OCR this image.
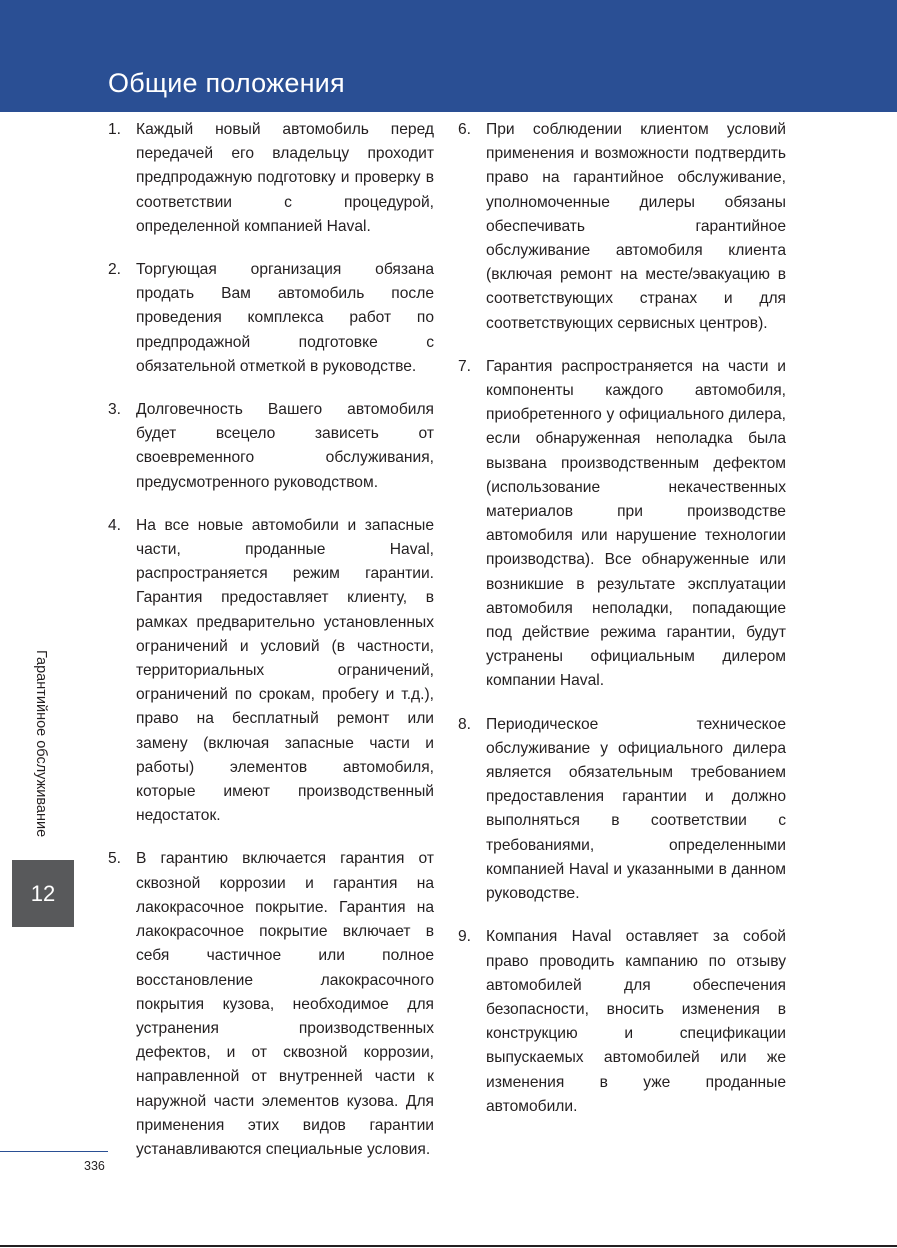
Общие положения
Гарантийное обслуживание
12
1. Каждый новый автомобиль перед передачей его владельцу проходит предпродажную подготовку и проверку в соответствии с процедурой, определенной компанией Haval.
2. Торгующая организация обязана продать Вам автомобиль после проведения комплекса работ по предпродажной подготовке с обязательной отметкой в руководстве.
3. Долговечность Вашего автомобиля будет всецело зависеть от своевременного обслуживания, предусмотренного руководством.
4. На все новые автомобили и запасные части, проданные Haval, распространяется режим гарантии. Гарантия предоставляет клиенту, в рамках предварительно установленных ограничений и условий (в частности, территориальных ограничений, ограничений по срокам, пробегу и т.д.), право на бесплатный ремонт или замену (включая запасные части и работы) элементов автомобиля, которые имеют производственный недостаток.
5. В гарантию включается гарантия от сквозной коррозии и гарантия на лакокрасочное покрытие. Гарантия на лакокрасочное покрытие включает в себя частичное или полное восстановление лакокрасочного покрытия кузова, необходимое для устранения производственных дефектов, и от сквозной коррозии, направленной от внутренней части к наружной части элементов кузова. Для применения этих видов гарантии устанавливаются специальные условия.
6. При соблюдении клиентом условий применения и возможности подтвердить право на гарантийное обслуживание, уполномоченные дилеры обязаны обеспечивать гарантийное обслуживание автомобиля клиента (включая ремонт на месте/эвакуацию в соответствующих странах и для соответствующих сервисных центров).
7. Гарантия распространяется на части и компоненты каждого автомобиля, приобретенного у официального дилера, если обнаруженная неполадка была вызвана производственным дефектом (использование некачественных материалов при производстве автомобиля или нарушение технологии производства). Все обнаруженные или возникшие в результате эксплуатации автомобиля неполадки, попадающие под действие режима гарантии, будут устранены официальным дилером компании Haval.
8. Периодическое техническое обслуживание у официального дилера является обязательным требованием предоставления гарантии и должно выполняться в соответствии с требованиями, определенными компанией Haval и указанными в данном руководстве.
9. Компания Haval оставляет за собой право проводить кампанию по отзыву автомобилей для обеспечения безопасности, вносить изменения в конструкцию и спецификации выпускаемых автомобилей или же изменения в уже проданные автомобили.
336
